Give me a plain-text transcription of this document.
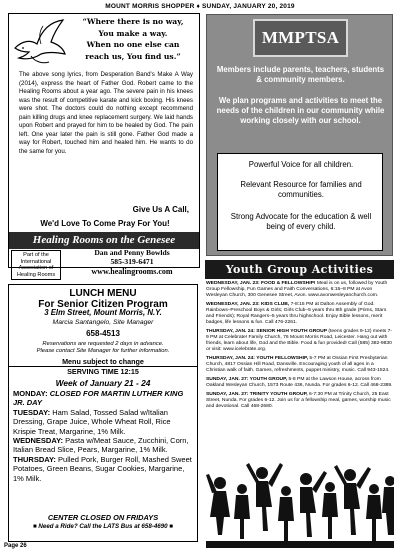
MOUNT MORRIS SHOPPER ♦ SUNDAY, JANUARY 20, 2019
“Where there is no way,
You make a way.
When no one else can
reach us, You find us.”
The above song lyrics, from Desperation Band's Make A Way (2014), express the heart of Father God. Robert came to the Healing Rooms about a year ago. The severe pain in his knees was the result of competitive karate and kick boxing. His knees were shot. The doctors could do nothing except recommend pain killing drugs and knee replacement surgery. We laid hands upon Robert and prayed for him to be healed by God. The pain left. One year later the pain is still gone. Father God made a way for Robert, touched him and healed him. He wants to do the same for you.
Give Us A Call,
We'd Love To Come Pray For You!
Healing Rooms on the Genesee
Part of the
International
Association of
Healing Rooms
Dan and Penny Bowlds
585-319-6471
www.healingrooms.com
MMPTSA
Members include parents, teachers, students & community members.
We plan programs and activities to meet the needs of the children in our community while working closely with our school.
Powerful Voice for all children.
Relevant Resource for families and communities.
Strong Advocate for the education & well being of every child.
Youth Group Activities
WEDNESDAY, JAN. 23: FOOD & FELLOWSHIP! Meal is on us, followed by Youth Group Fellowship, Fun Games and Faith Conversations, 6:15–8 PM at Avon Wesleyan Church, 300 Genesee Street, Avon. www.avonwesleyanchurch.com.
WEDNESDAY, JAN. 23: KIDS CLUB, 7-8:15 PM at Dalton Assembly of God. Rainbows–Preschool Boys & Girls; Girls Club–5 years thru 8th grade (Prims, Stars and Friends); Royal Rangers–5 years thru highschool. Enjoy Bible lessons, merit badges, life lessons & fun. Call 476-2261.
THURSDAY, JAN. 24: SENIOR HIGH YOUTH GROUP (teens grades 9-12) meets 7-9 PM at Celebrate! Family Church, 76 Mount Morris Road, Leicester. Hang out with friends, learn about life, God and the Bible. Food & fun provided! Call (585) 382-9830 or visit: www.icelebrate.org.
THURSDAY, JAN. 24: YOUTH FELLOWSHIP, 5-7 PM at Ossian First Presbyterian Church, 4817 Ossian Hill Road, Dansville. Encouraging youth of all ages in a Christian walk of faith. Games, refreshments, puppet ministry, music. Call 943-1524.
SUNDAY, JAN. 27: YOUTH GROUP, 5-8 PM at the Lawson House, across from Oakland Wesleyan Church, 1573 Route 436, Nunda. For grades 6-12. Call 468-2389.
SUNDAY, JAN. 27: TRINITY YOUTH GROUP, 6-7:30 PM at Trinity Church, 25 East Street, Nunda. For grades 6-12. Join us for a fellowship meal, games, worship music and devotional. Call 468-2680.
LUNCH MENU
For Senior Citizen Program
3 Elm Street, Mount Morris, N.Y.
Marcia Santangelo, Site Manager
658-4513
Reservations are requested 2 days in advance.
Please contact Site Manager for further information.
Menu subject to change
SERVING TIME 12:15
Week of January 21 - 24
MONDAY: CLOSED FOR MARTIN LUTHER KING JR. DAY
TUESDAY: Ham Salad, Tossed Salad w/Italian Dressing, Grape Juice, Whole Wheat Roll, Rice Krispie Treat, Margarine, 1% Milk.
WEDNESDAY: Pasta w/Meat Sauce, Zucchini, Corn, Italian Bread Slice, Pears, Margarine, 1% Milk.
THURSDAY: Pulled Pork, Burger Roll, Mashed Sweet Potatoes, Green Beans, Sugar Cookies, Margarine, 1% Milk.
CENTER CLOSED ON FRIDAYS
■ Need a Ride? Call the LATS Bus at 658-4690 ■
Page 26
